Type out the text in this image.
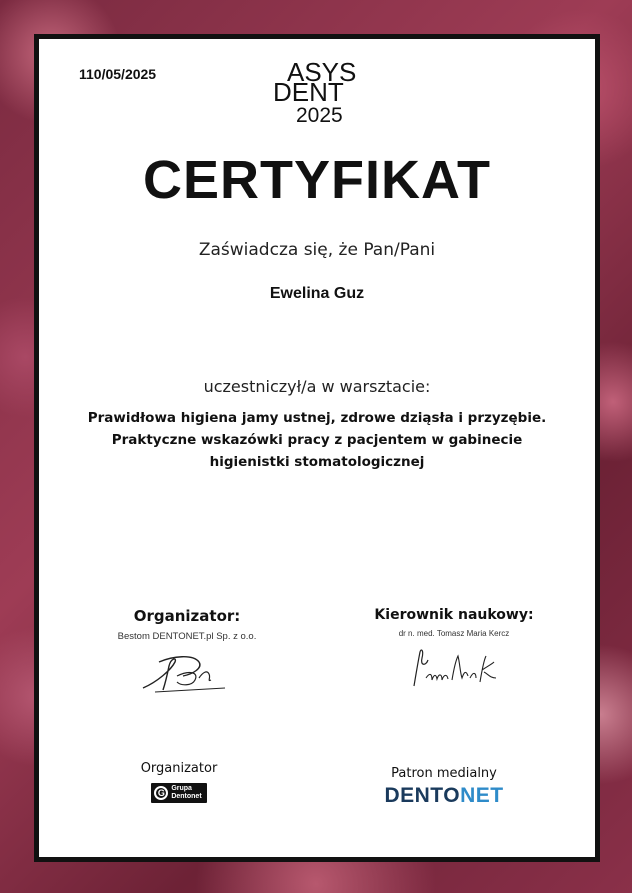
110/05/2025	ASYS
DENT
2025
CERTYFIKAT
Zaświadcza się, że Pan/Pani
Ewelina Guz
uczestniczył/a w warsztacie:
Prawidłowa higiena jamy ustnej, zdrowe dziąsła i przyzębie. Praktyczne wskazówki pracy z pacjentem w gabinecie higienistki stomatologicznej
Organizator:
Bestom DENTONET.pl Sp. z o.o.
Kierownik naukowy:
dr n. med. Tomasz Maria Kercz
Organizator
G Grupa
Dentonet
Patron medialny
DENTONET
